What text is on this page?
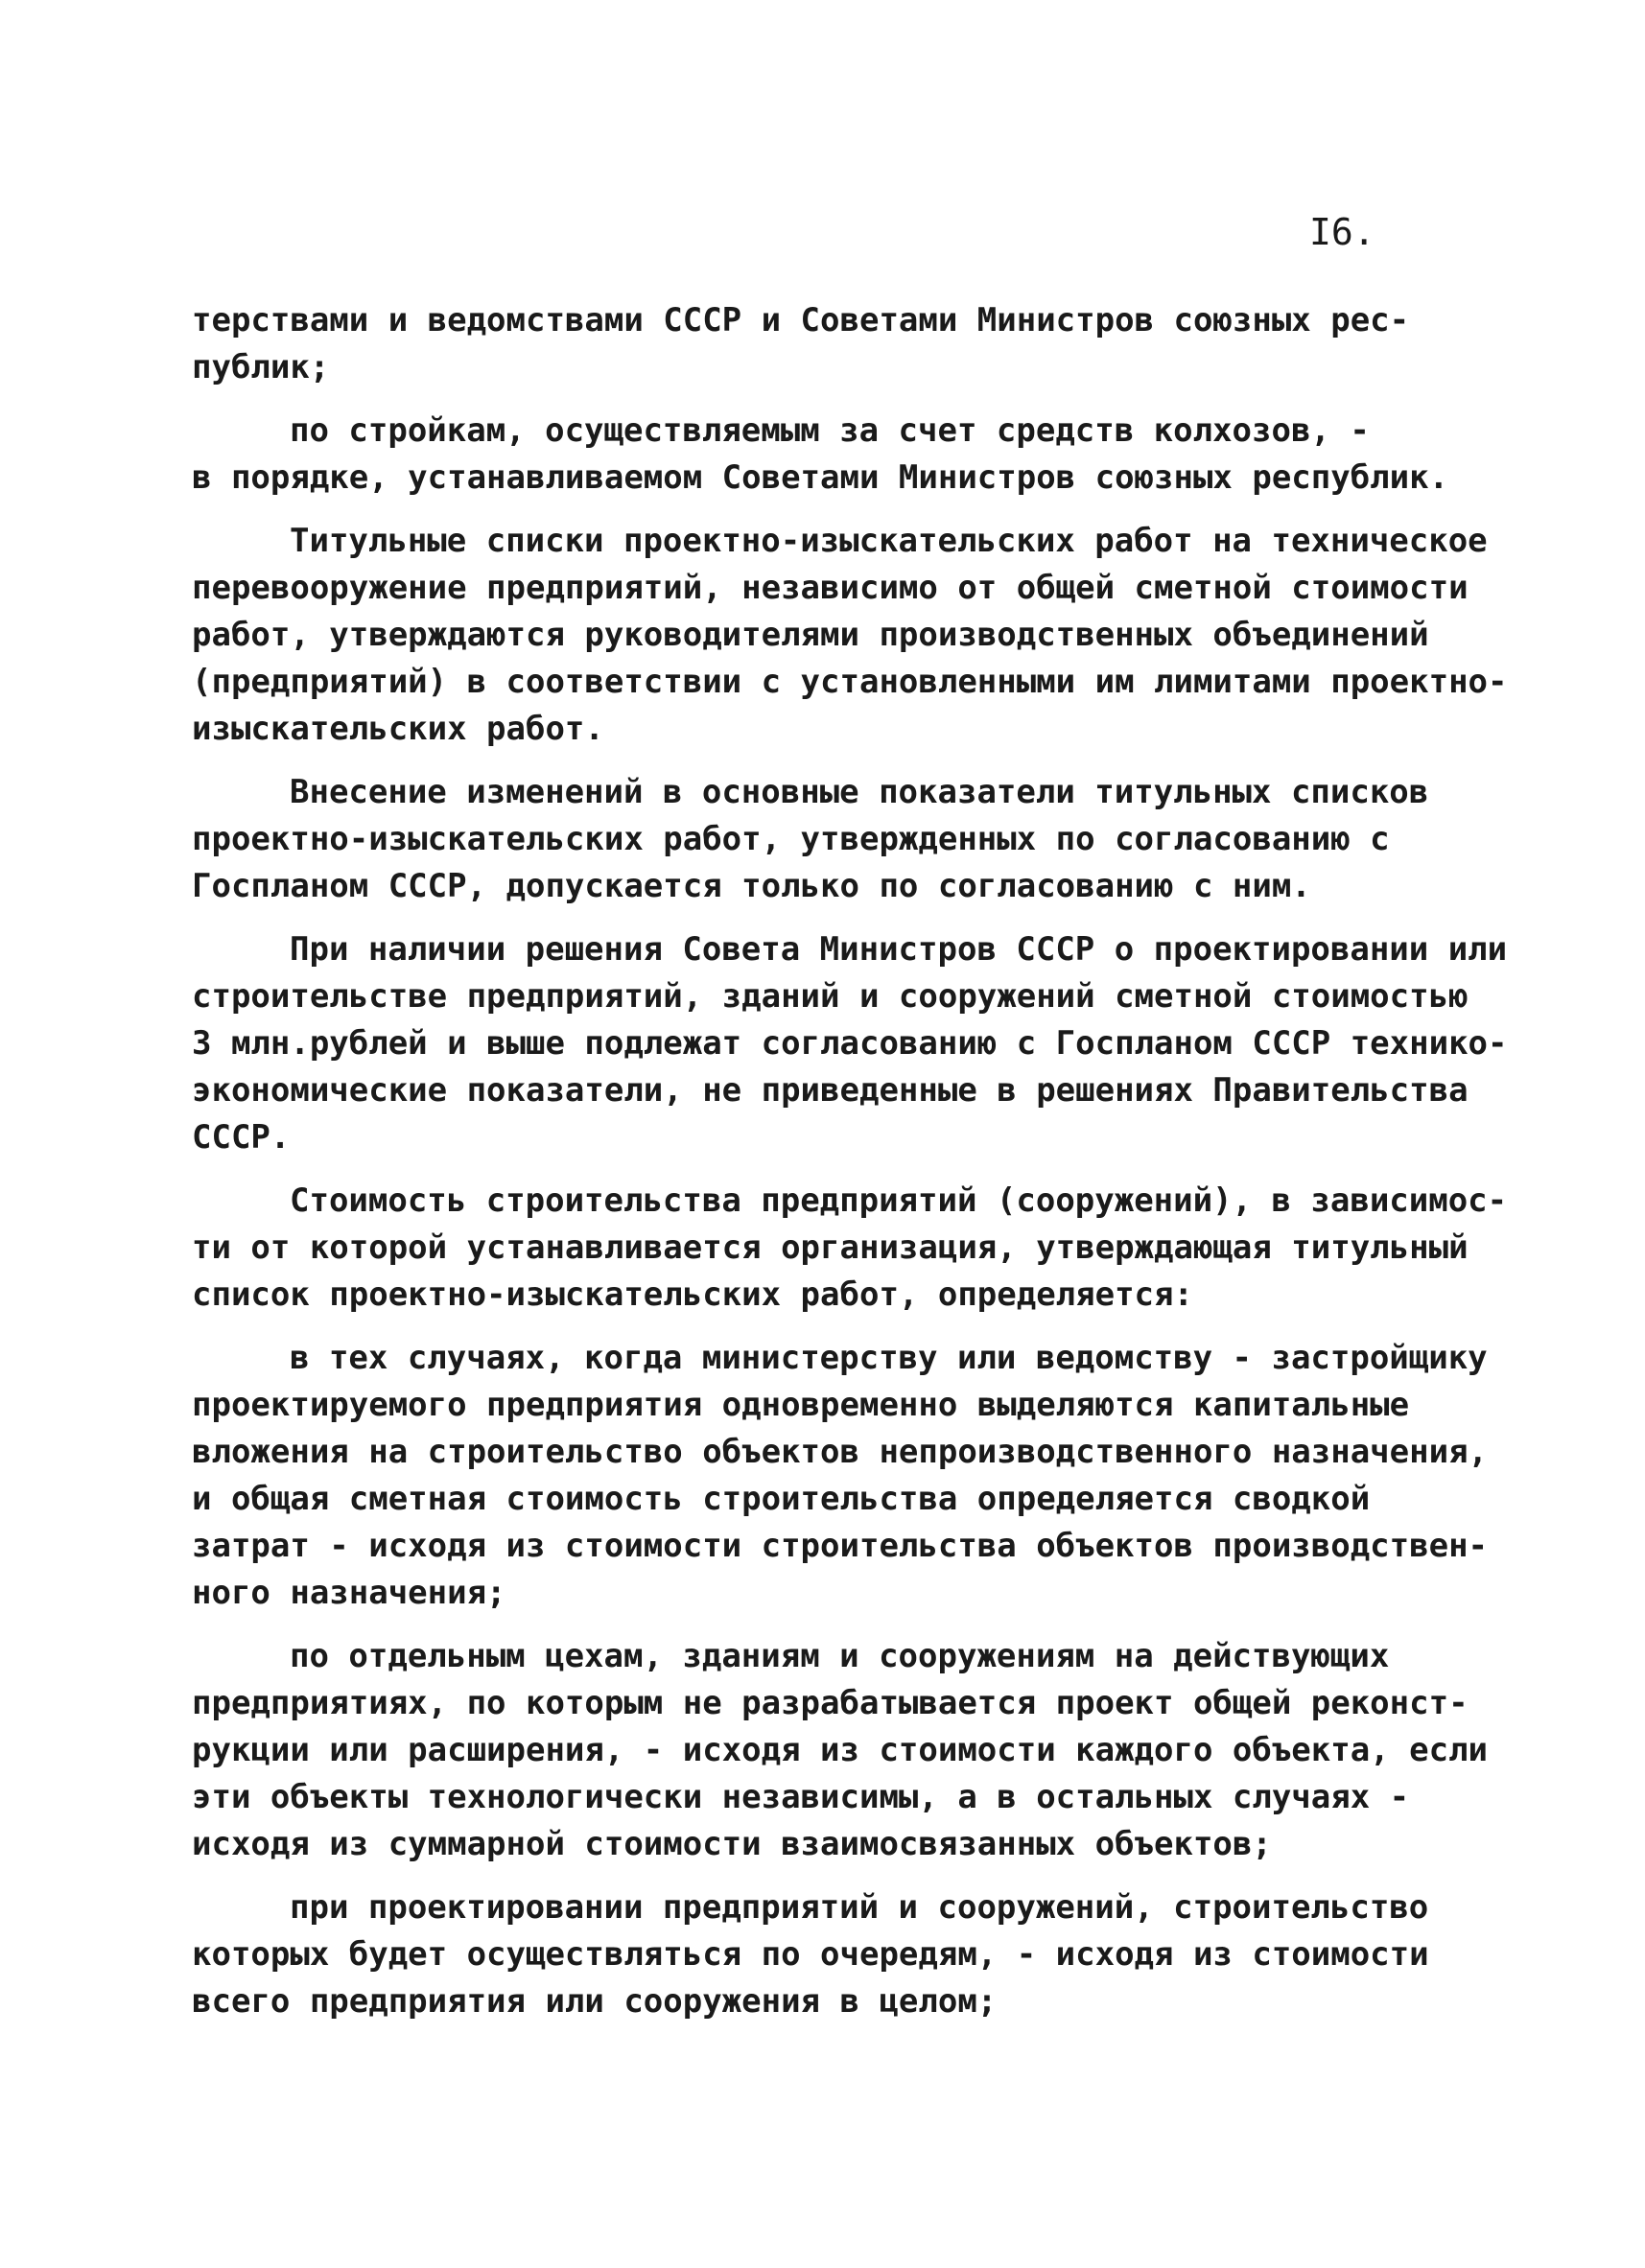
I6.
терствами и ведомствами СССР и Советами Министров союзных рес-
публик;
по стройкам, осуществляемым за счет средств колхозов, -
в порядке, устанавливаемом Советами Министров союзных республик.
Титульные списки проектно-изыскательских работ на техническое
перевооружение предприятий, независимо от общей сметной стоимости
работ, утверждаются руководителями производственных объединений
(предприятий) в соответствии с установленными им лимитами проектно-
изыскательских работ.
Внесение изменений в основные показатели титульных списков
проектно-изыскательских работ, утвержденных по согласованию с
Госпланом СССР, допускается только по согласованию с ним.
При наличии решения Совета Министров СССР о проектировании или
строительстве предприятий, зданий и сооружений сметной стоимостью
3 млн.рублей и выше подлежат согласованию с Госпланом СССР технико-
экономические показатели, не приведенные в решениях Правительства
СССР.
Стоимость строительства предприятий (сооружений), в зависимос-
ти от которой устанавливается организация, утверждающая титульный
список проектно-изыскательских работ, определяется:
в тех случаях, когда министерству или ведомству - застройщику
проектируемого предприятия одновременно выделяются капитальные
вложения на строительство объектов непроизводственного назначения,
и общая сметная стоимость строительства определяется сводкой
затрат - исходя из стоимости строительства объектов производствен-
ного назначения;
по отдельным цехам, зданиям и сооружениям на действующих
предприятиях, по которым не разрабатывается проект общей реконст-
рукции или расширения, - исходя из стоимости каждого объекта, если
эти объекты технологически независимы, а в остальных случаях -
исходя из суммарной стоимости взаимосвязанных объектов;
при проектировании предприятий и сооружений, строительство
которых будет осуществляться по очередям, - исходя из стоимости
всего предприятия или сооружения в целом;
